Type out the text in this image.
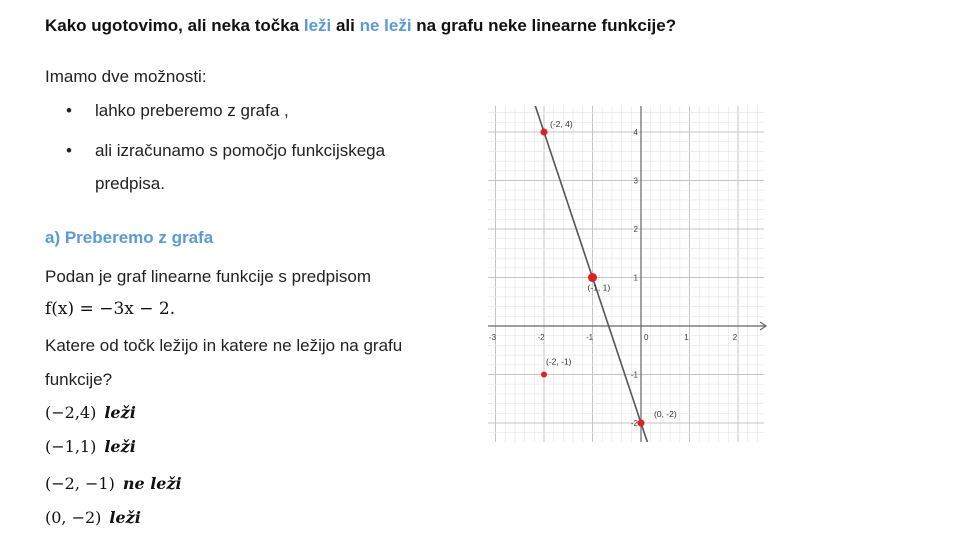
Kako ugotovimo, ali neka točka leži ali ne leži na grafu neke linearne funkcije?
Imamo dve možnosti:
• lahko preberemo z grafa ,
• ali izračunamo s pomočjo funkcijskega
predpisa.
a) Preberemo z grafa
Podan je graf linearne funkcije s predpisom
f(x) = −3x − 2.
Katere od točk ležijo in katere ne ležijo na grafu
funkcije?
(−2,4) leži
(−1,1) leži
(−2, −1) ne leži
(0, −2) leži
-3	-2	-1	0	1	2
4
3
2
1
-1
-2
(-2, 4)
(-1, 1)
(-2, -1)
(0, -2)
